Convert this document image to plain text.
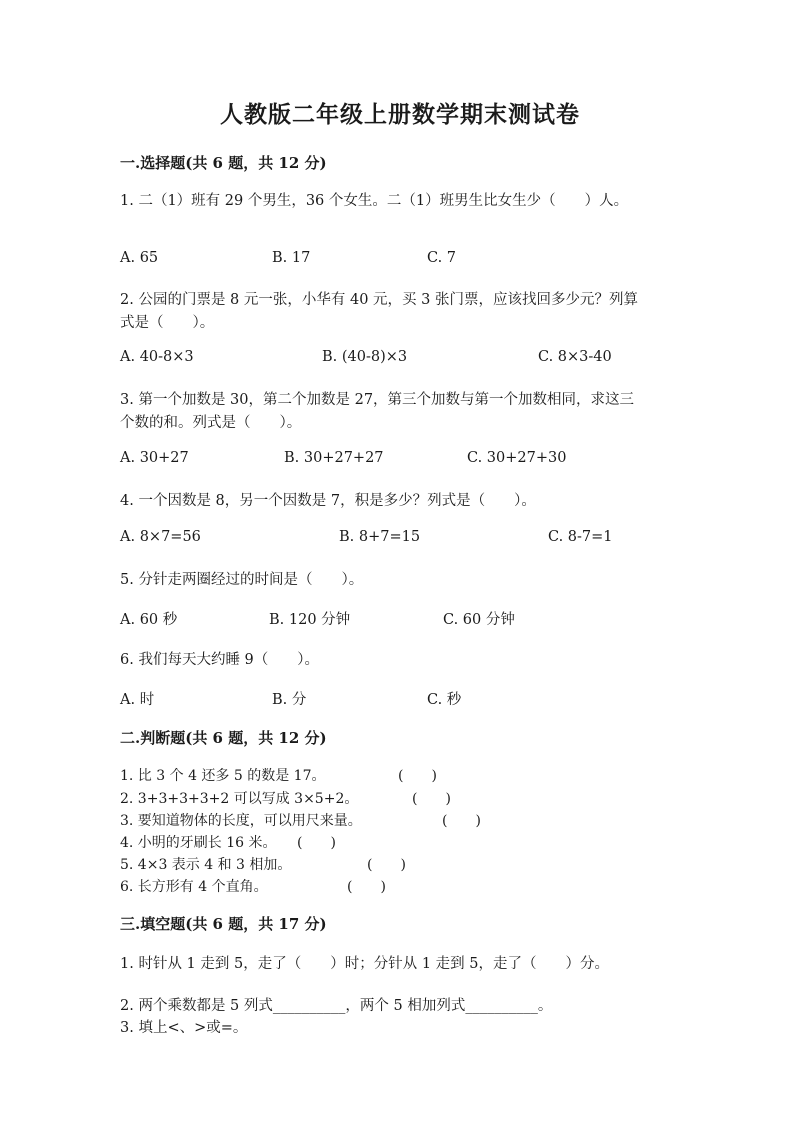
人教版二年级上册数学期末测试卷
一.选择题(共 6 题，共 12 分)
1. 二（1）班有 29 个男生，36 个女生。二（1）班男生比女生少（　　）人。
A. 65	B. 17	C. 7
2. 公园的门票是 8 元一张，小华有 40 元，买 3 张门票，应该找回多少元？列算
式是（　　）。
A. 40-8×3	B. (40-8)×3	C. 8×3-40
3. 第一个加数是 30，第二个加数是 27，第三个加数与第一个加数相同，求这三
个数的和。列式是（　　）。
A. 30+27	B. 30+27+27	C. 30+27+30
4. 一个因数是 8，另一个因数是 7，积是多少？列式是（　　）。
A. 8×7=56	B. 8+7=15	C. 8-7=1
5. 分针走两圈经过的时间是（　　）。
A. 60 秒	B. 120 分钟	C. 60 分钟
6. 我们每天大约睡 9（　　）。
A. 时	B. 分	C. 秒
二.判断题(共 6 题，共 12 分)
1. 比 3 个 4 还多 5 的数是 17。	(　　)
2. 3+3+3+3+2 可以写成 3×5+2。	(　　)
3. 要知道物体的长度，可以用尺来量。	(　　)
4. 小明的牙刷长 16 米。 (　　)
5. 4×3 表示 4 和 3 相加。	(　　)
6. 长方形有 4 个直角。	(　　)
三.填空题(共 6 题，共 17 分)
1. 时针从 1 走到 5，走了（　　）时；分针从 1 走到 5，走了（　　）分。
2. 两个乘数都是 5 列式__________，两个 5 相加列式__________。
3. 填上<、>或=。
